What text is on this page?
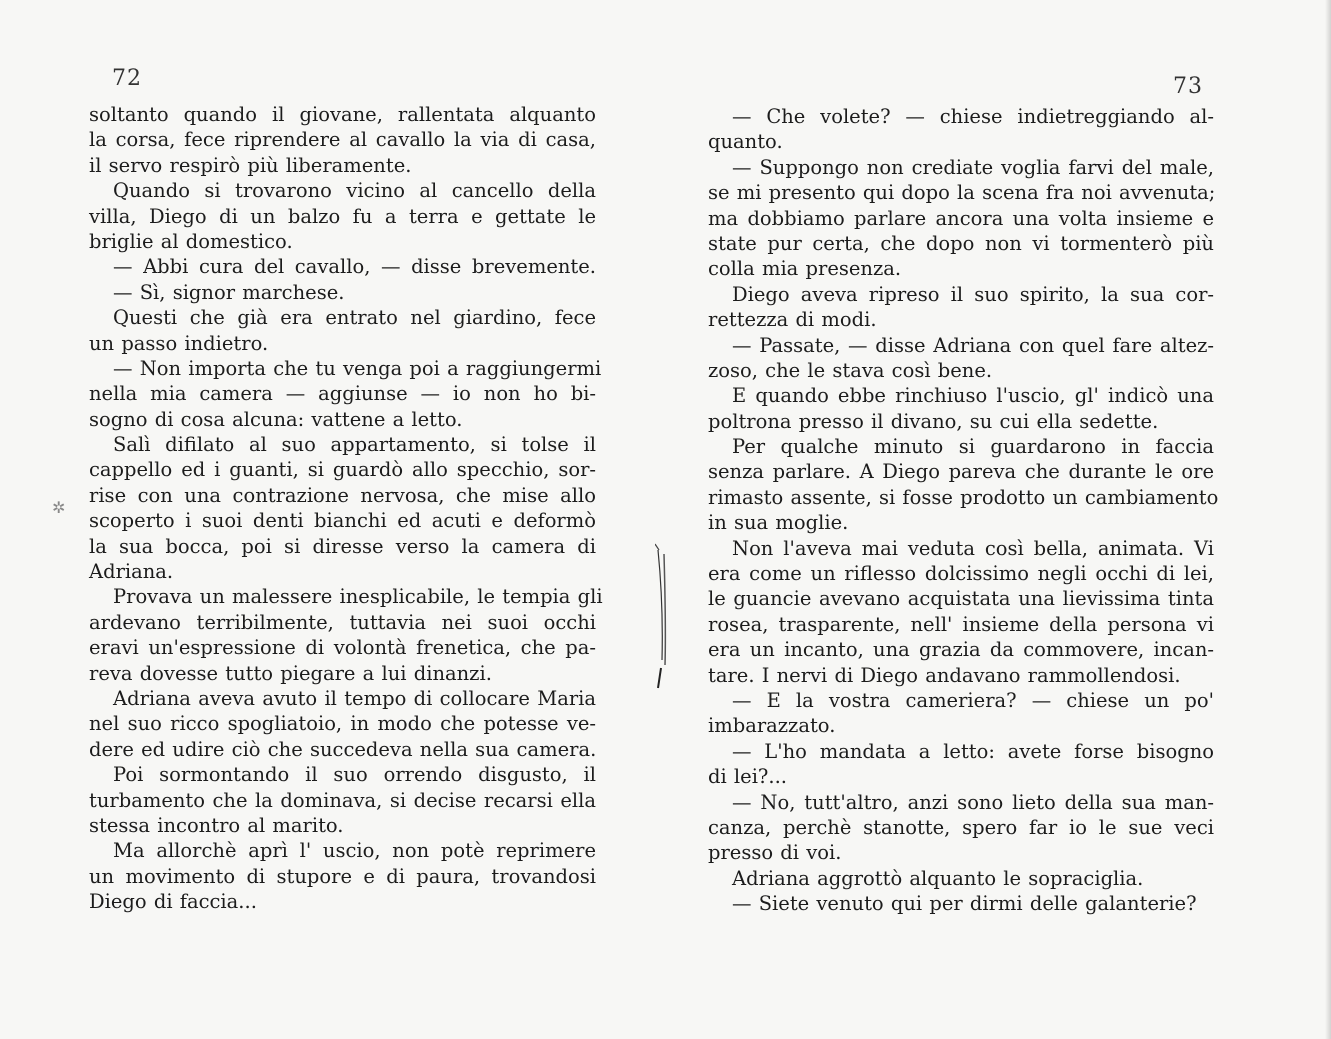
72
soltanto quando il giovane, rallentata alquanto
la corsa, fece riprendere al cavallo la via di casa,
il servo respirò più liberamente.
Quando si trovarono vicino al cancello della
villa, Diego di un balzo fu a terra e gettate le
briglie al domestico.
— Abbi cura del cavallo, — disse brevemente.
— Sì, signor marchese.
Questi che già era entrato nel giardino, fece
un passo indietro.
— Non importa che tu venga poi a raggiungermi
nella mia camera — aggiunse — io non ho bi-
sogno di cosa alcuna: vattene a letto.
Salì difilato al suo appartamento, si tolse il
cappello ed i guanti, si guardò allo specchio, sor-
rise con una contrazione nervosa, che mise allo
scoperto i suoi denti bianchi ed acuti e deformò
la sua bocca, poi si diresse verso la camera di
Adriana.
Provava un malessere inesplicabile, le tempia gli
ardevano terribilmente, tuttavia nei suoi occhi
eravi un'espressione di volontà frenetica, che pa-
reva dovesse tutto piegare a lui dinanzi.
Adriana aveva avuto il tempo di collocare Maria
nel suo ricco spogliatoio, in modo che potesse ve-
dere ed udire ciò che succedeva nella sua camera.
Poi sormontando il suo orrendo disgusto, il
turbamento che la dominava, si decise recarsi ella
stessa incontro al marito.
Ma allorchè aprì l' uscio, non potè reprimere
un movimento di stupore e di paura, trovandosi
Diego di faccia...
✲
73
— Che volete? — chiese indietreggiando al-
quanto.
— Suppongo non crediate voglia farvi del male,
se mi presento qui dopo la scena fra noi avvenuta;
ma dobbiamo parlare ancora una volta insieme e
state pur certa, che dopo non vi tormenterò più
colla mia presenza.
Diego aveva ripreso il suo spirito, la sua cor-
rettezza di modi.
— Passate, — disse Adriana con quel fare altez-
zoso, che le stava così bene.
E quando ebbe rinchiuso l'uscio, gl' indicò una
poltrona presso il divano, su cui ella sedette.
Per qualche minuto si guardarono in faccia
senza parlare. A Diego pareva che durante le ore
rimasto assente, si fosse prodotto un cambiamento
in sua moglie.
Non l'aveva mai veduta così bella, animata. Vi
era come un riflesso dolcissimo negli occhi di lei,
le guancie avevano acquistata una lievissima tinta
rosea, trasparente, nell' insieme della persona vi
era un incanto, una grazia da commovere, incan-
tare. I nervi di Diego andavano rammollendosi.
— E la vostra cameriera? — chiese un po'
imbarazzato.
— L'ho mandata a letto: avete forse bisogno
di lei?...
— No, tutt'altro, anzi sono lieto della sua man-
canza, perchè stanotte, spero far io le sue veci
presso di voi.
Adriana aggrottò alquanto le sopraciglia.
— Siete venuto qui per dirmi delle galanterie?
